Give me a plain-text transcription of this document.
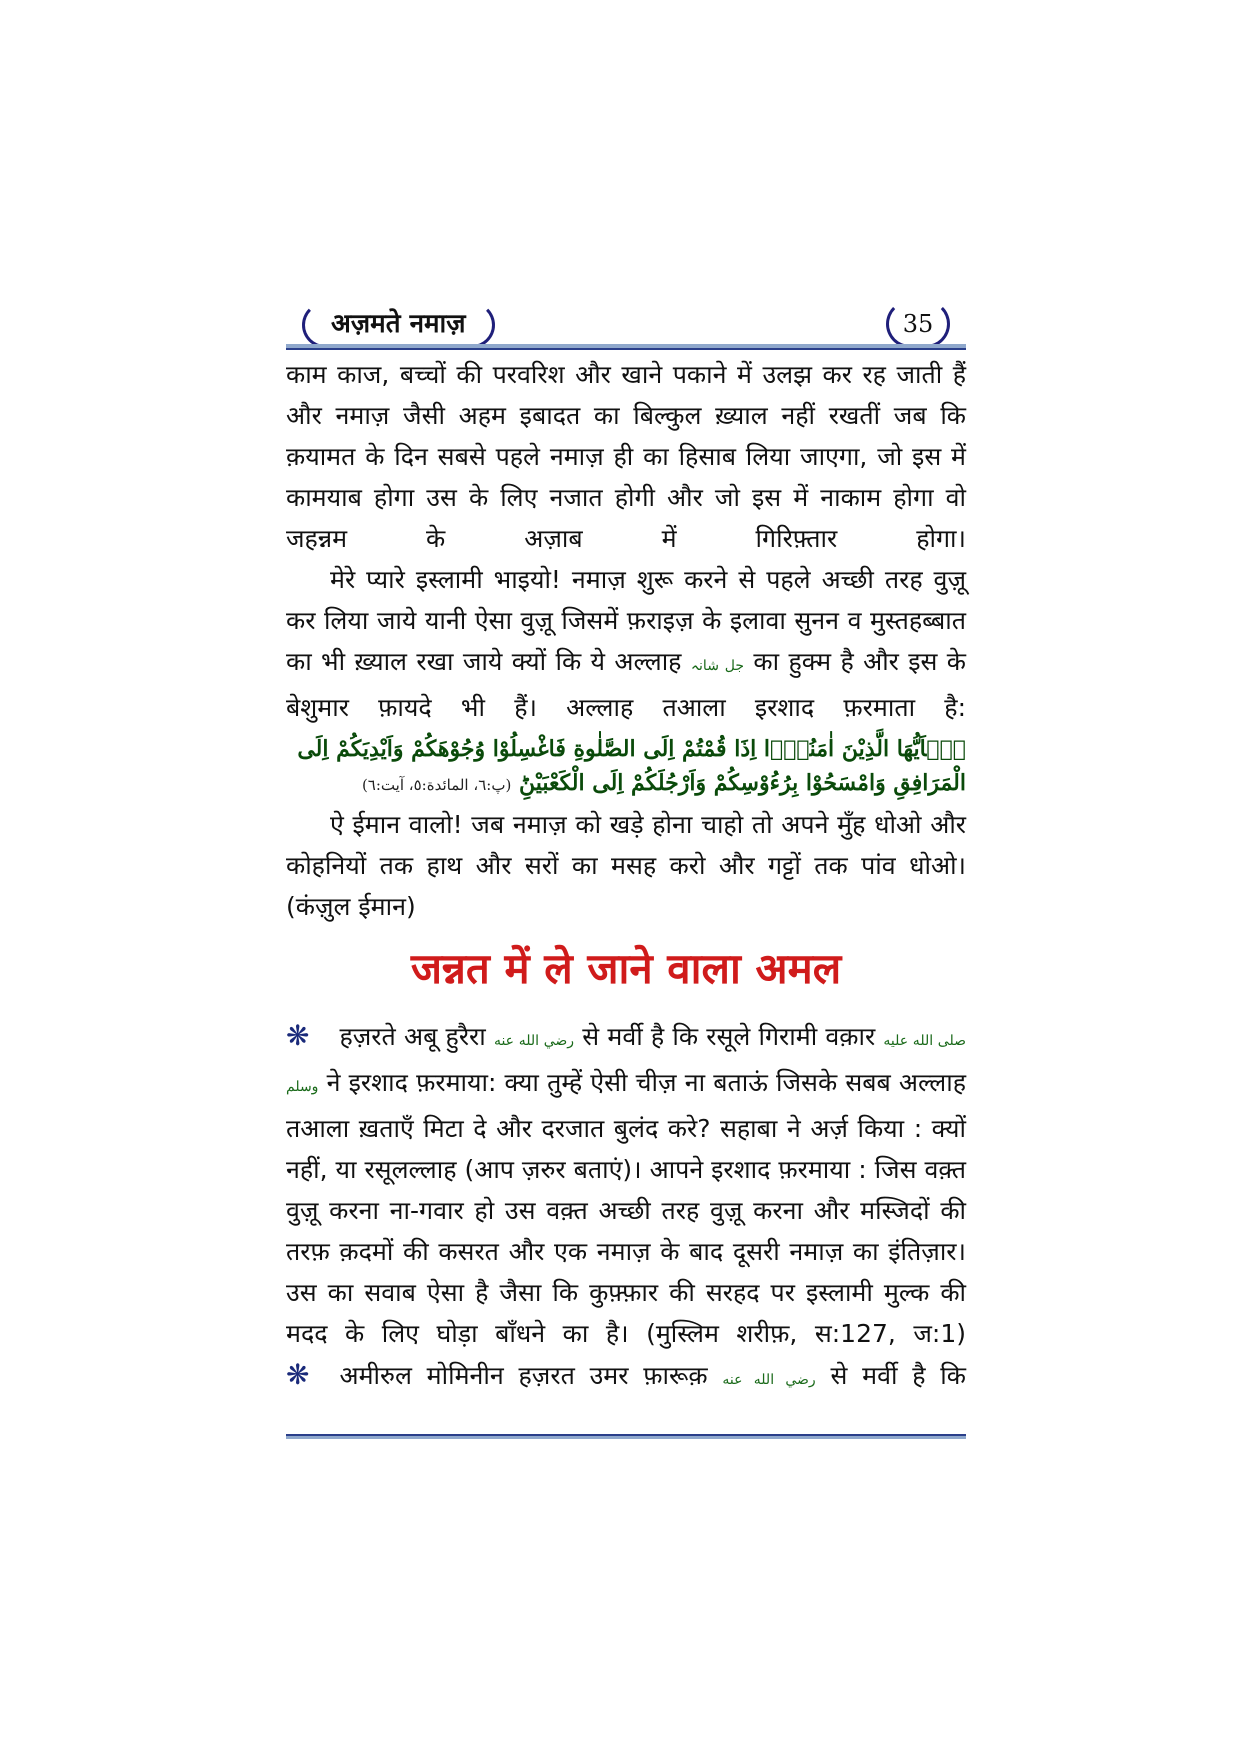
अज़मते नमाज़	35

काम काज, बच्चों की परवरिश और खाने पकाने में उलझ कर रह जाती हैं और नमाज़ जैसी अहम इबादत का बिल्कुल ख़्याल नहीं रखतीं जब कि क़यामत के दिन सबसे पहले नमाज़ ही का हिसाब लिया जाएगा, जो इस में कामयाब होगा उस के लिए नजात होगी और जो इस में नाकाम होगा वो जहन्नम के अज़ाब में गिरिफ़्तार होगा।

मेरे प्यारे इस्लामी भाइयो! नमाज़ शुरू करने से पहले अच्छी तरह वुज़ू कर लिया जाये यानी ऐसा वुज़ू जिसमें फ़राइज़ के इलावा सुनन व मुस्तहब्बात का भी ख़्याल रखा जाये क्यों कि ये अल्लाह جل شانہ का हुक्म है और इस के बेशुमार फ़ायदे भी हैं। अल्लाह तआला इरशाद फ़रमाता है:

يٰۤاَيُّهَا الَّذِيْنَ اٰمَنُوْۤا اِذَا قُمْتُمْ اِلَى الصَّلٰوةِ فَاغْسِلُوْا وُجُوْهَكُمْ وَاَيْدِيَكُمْ اِلَى الْمَرَافِقِ وَامْسَحُوْا بِرُءُوْسِكُمْ وَاَرْجُلَكُمْ اِلَى الْكَعْبَيْنِؕ (پ:٦، المائدة:٥، آيت:٦)

ऐ ईमान वालो! जब नमाज़ को खड़े होना चाहो तो अपने मुँह धोओ और कोहनियों तक हाथ और सरों का मसह करो और गट्टों तक पांव धोओ। (कंज़ुल ईमान)

जन्नत में ले जाने वाला अमल

❋ हज़रते अबू हुरैरा رضي الله عنه से मर्वी है कि रसूले गिरामी वक़ार صلى الله عليه وسلم ने इरशाद फ़रमाया: क्या तुम्हें ऐसी चीज़ ना बताऊं जिसके सबब अल्लाह तआला ख़ताएँ मिटा दे और दरजात बुलंद करे? सहाबा ने अर्ज़ किया : क्यों नहीं, या रसूलल्लाह (आप ज़रुर बताएं)। आपने इरशाद फ़रमाया : जिस वक़्त वुज़ू करना ना-गवार हो उस वक़्त अच्छी तरह वुज़ू करना और मस्जिदों की तरफ़ क़दमों की कसरत और एक नमाज़ के बाद दूसरी नमाज़ का इंतिज़ार। उस का सवाब ऐसा है जैसा कि कुफ़्फ़ार की सरहद पर इस्लामी मुल्क की मदद के लिए घोड़ा बाँधने का है। (मुस्लिम शरीफ़, स:127, ज:1)

❋ अमीरुल मोमिनीन हज़रत उमर फ़ारूक़ رضي الله عنه से मर्वी है कि
